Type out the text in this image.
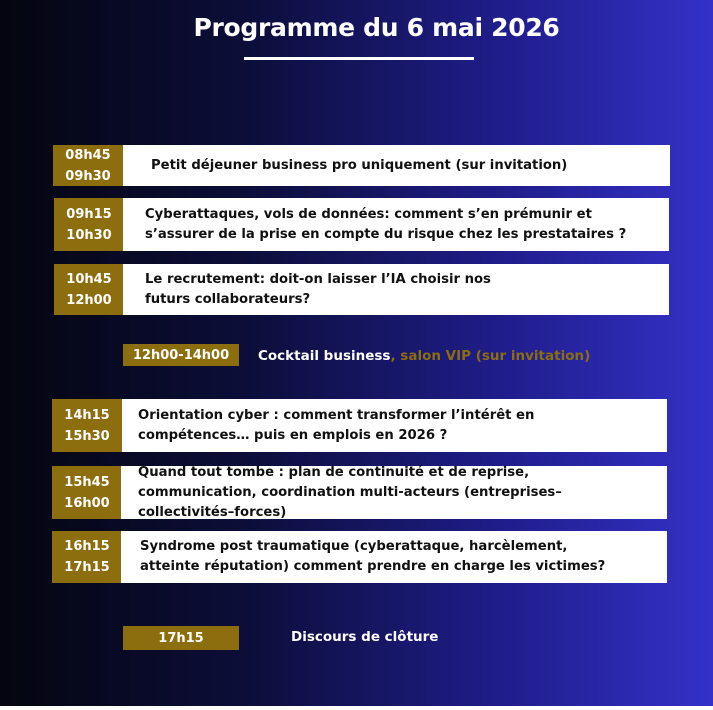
Programme du 6 mai 2026
08h45
09h30
Petit déjeuner business pro uniquement (sur invitation)
09h15
10h30
Cyberattaques, vols de données: comment s’en prémunir et s’assurer de la prise en compte du risque chez les prestataires ?
10h45
12h00
Le recrutement: doit-on laisser l’IA choisir nos futurs collaborateurs?
12h00-14h00	Cocktail business, salon VIP (sur invitation)
14h15
15h30
Orientation cyber : comment transformer l’intérêt en compétences… puis en emplois en 2026 ?
15h45
16h00
Quand tout tombe : plan de continuité et de reprise, communication, coordination multi-acteurs (entreprises–collectivités–forces)
16h15
17h15
Syndrome post traumatique (cyberattaque, harcèlement, atteinte réputation) comment prendre en charge les victimes?
17h15	Discours de clôture
